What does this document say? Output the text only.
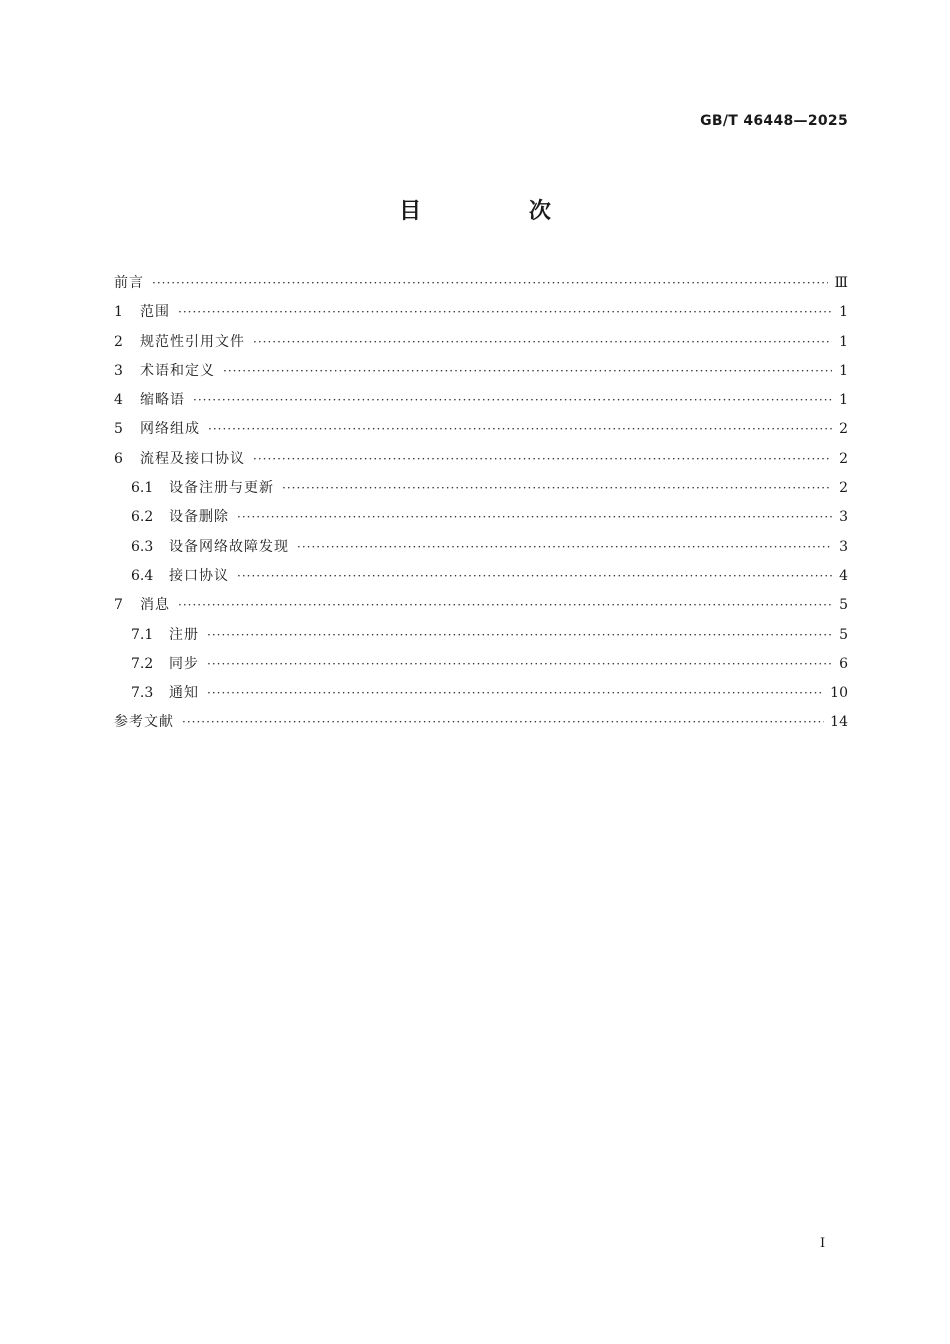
GB/T 46448—2025
目 次
前言 ·····	Ⅲ
1	范围 ·····	1
2	规范性引用文件 ·····	1
3	术语和定义 ·····	1
4	缩略语 ·····	1
5	网络组成 ·····	2
6	流程及接口协议 ·····	2
6.1	设备注册与更新 ·····	2
6.2	设备删除 ·····	3
6.3	设备网络故障发现 ·····	3
6.4	接口协议 ·····	4
7	消息 ·····	5
7.1	注册 ·····	5
7.2	同步 ·····	6
7.3	通知 ·····	10
参考文献 ·····	14
Ⅰ
